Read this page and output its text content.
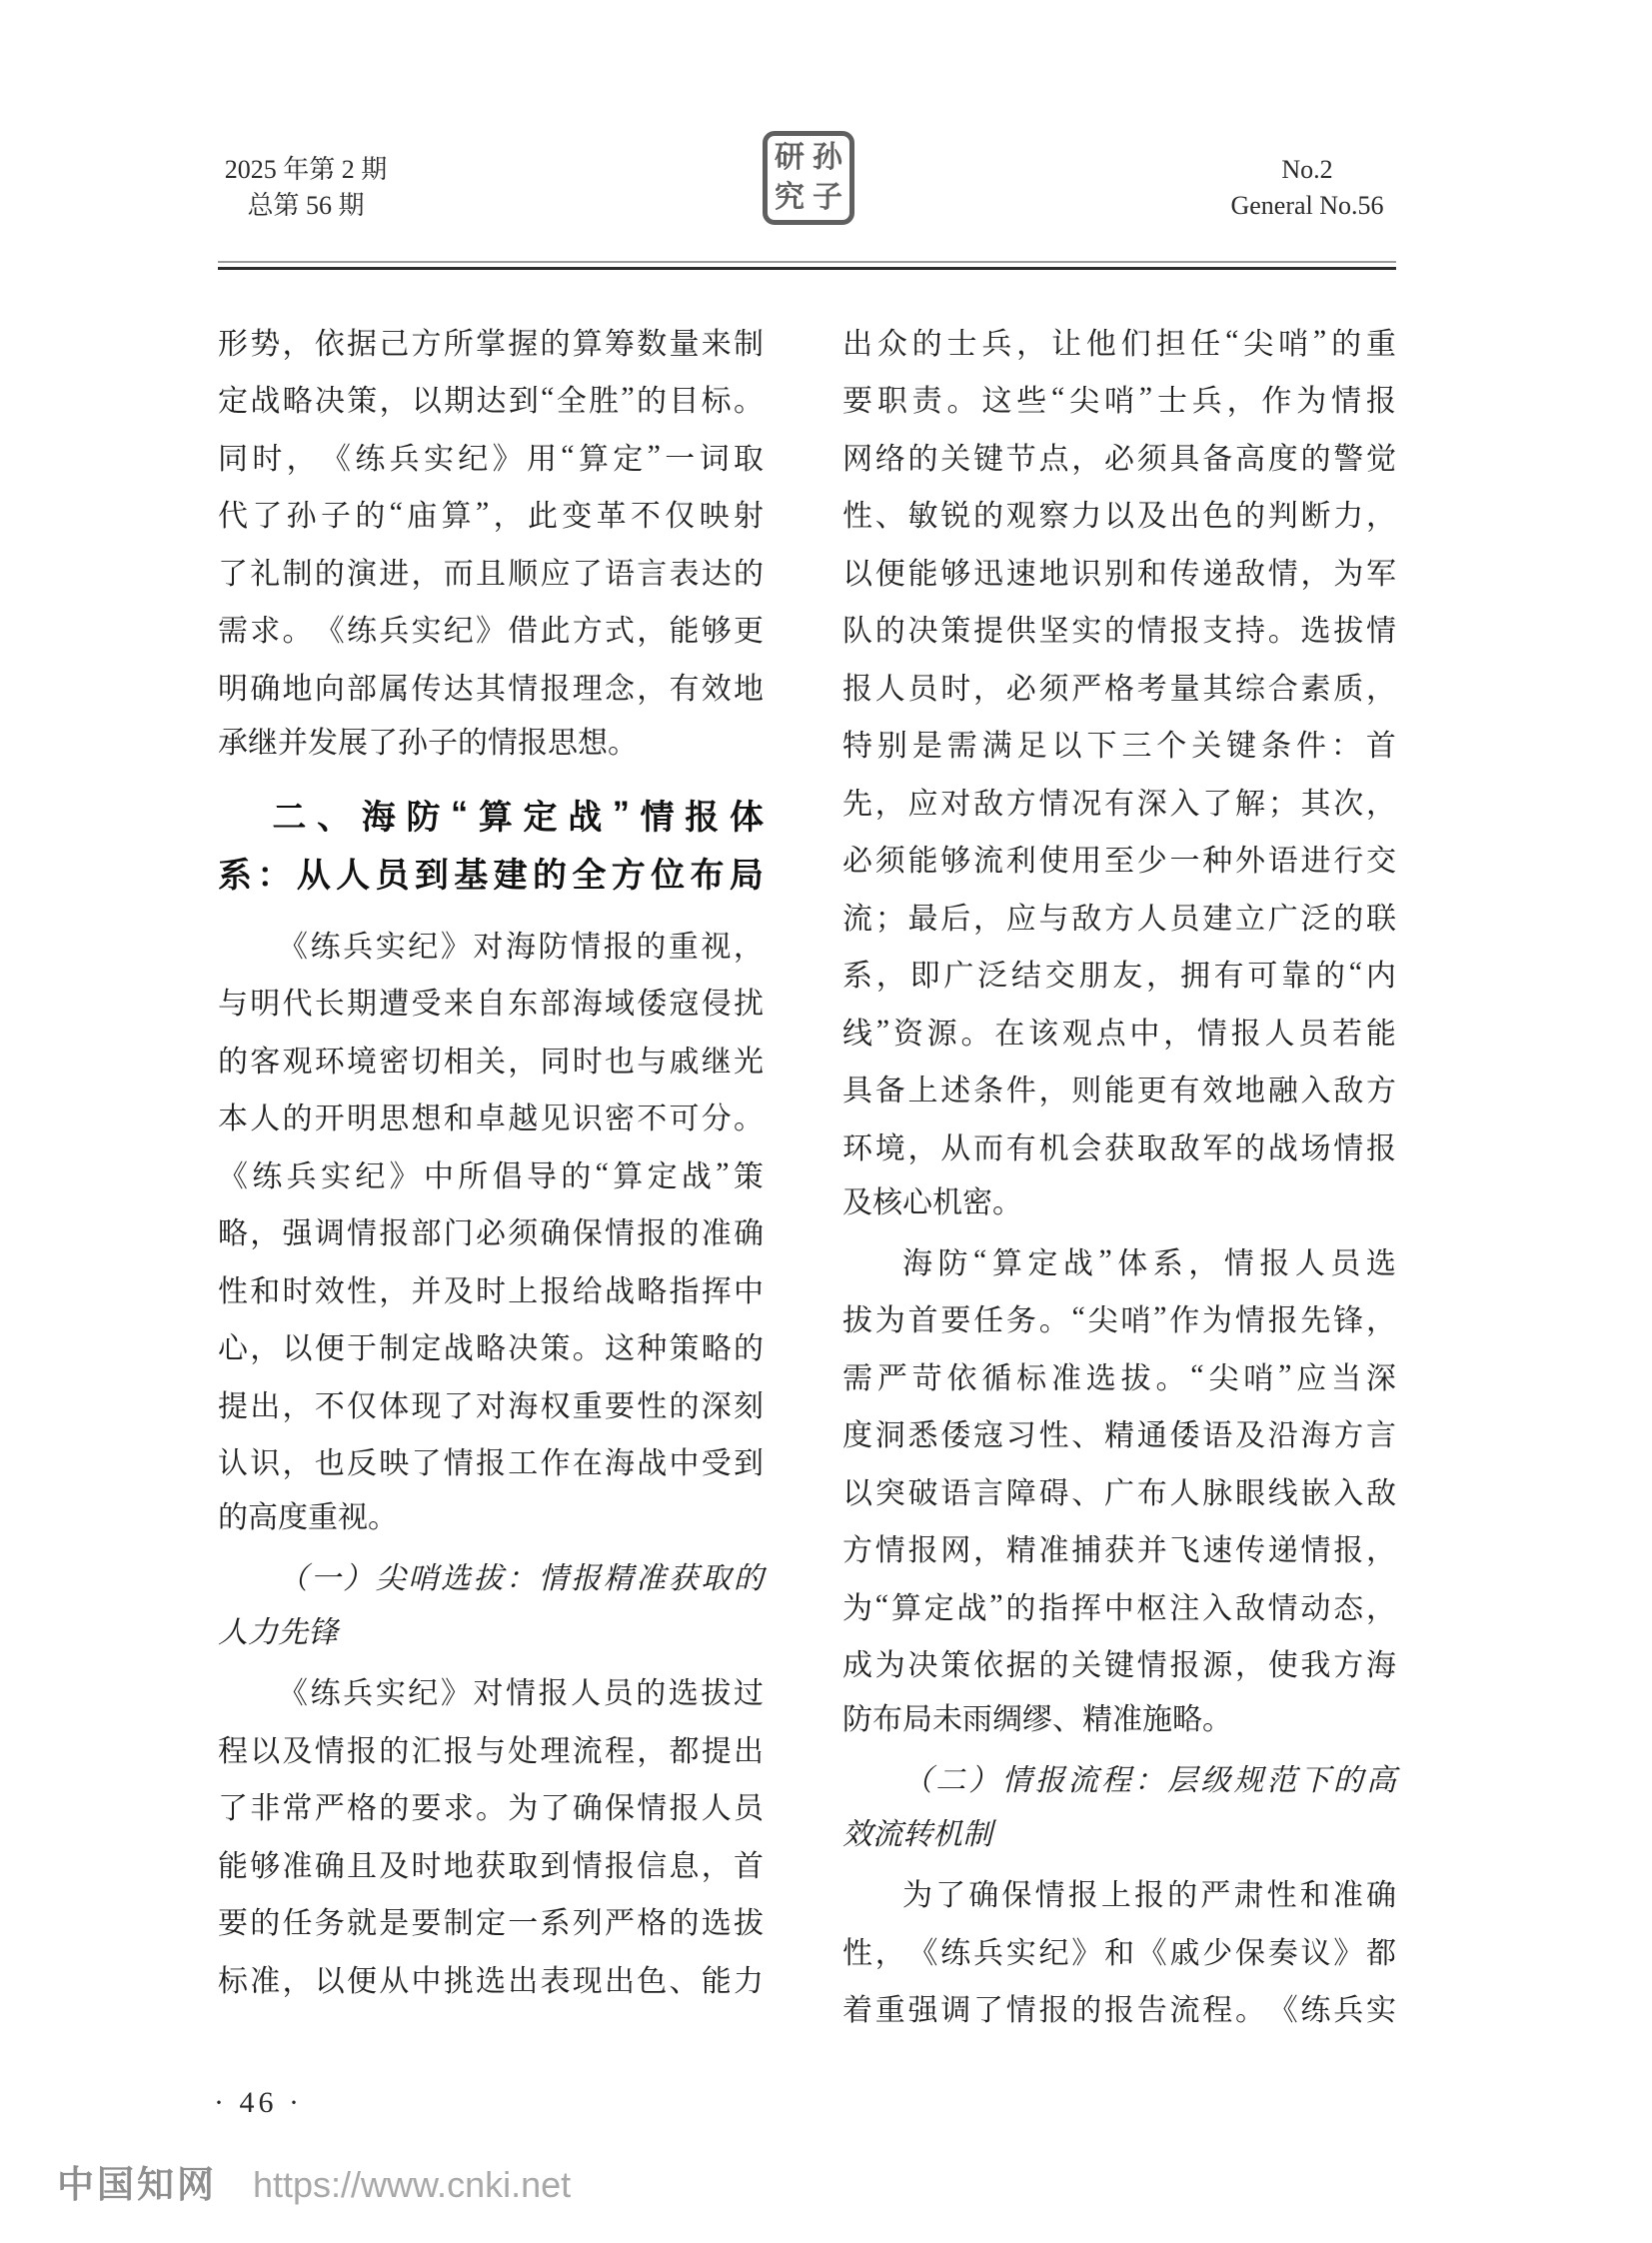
2025 年第 2 期
总第 56 期
研 孙
究 子
No.2
General No.56
形 势 ， 依 据 己 方 所 掌 握 的 算 筹 数 量 来 制
定 战 略 决 策 ， 以 期 达 到 “ 全 胜 ” 的 目 标 。
同 时 ， 《 练 兵 实 纪 》 用 “ 算 定 ” 一 词 取
代 了 孙 子 的 “ 庙 算 ” ， 此 变 革 不 仅 映 射
了 礼 制 的 演 进 ， 而 且 顺 应 了 语 言 表 达 的
需 求 。 《 练 兵 实 纪 》 借 此 方 式 ， 能 够 更
明 确 地 向 部 属 传 达 其 情 报 理 念 ， 有 效 地
承继并发展了孙子的情报思想。
二 、 海 防 “ 算 定 战 ” 情 报 体
系 ： 从 人 员 到 基 建 的 全 方 位 布 局
《 练 兵 实 纪 》 对 海 防 情 报 的 重 视 ，
与 明 代 长 期 遭 受 来 自 东 部 海 域 倭 寇 侵 扰
的 客 观 环 境 密 切 相 关 ， 同 时 也 与 戚 继 光
本 人 的 开 明 思 想 和 卓 越 见 识 密 不 可 分 。
《 练 兵 实 纪 》 中 所 倡 导 的 “ 算 定 战 ” 策
略 ， 强 调 情 报 部 门 必 须 确 保 情 报 的 准 确
性 和 时 效 性 ， 并 及 时 上 报 给 战 略 指 挥 中
心 ， 以 便 于 制 定 战 略 决 策 。 这 种 策 略 的
提 出 ， 不 仅 体 现 了 对 海 权 重 要 性 的 深 刻
认 识 ， 也 反 映 了 情 报 工 作 在 海 战 中 受 到
的高度重视。
（ 一 ） 尖 哨 选 拔 ： 情 报 精 准 获 取 的
人力先锋
《 练 兵 实 纪 》 对 情 报 人 员 的 选 拔 过
程 以 及 情 报 的 汇 报 与 处 理 流 程 ， 都 提 出
了 非 常 严 格 的 要 求 。 为 了 确 保 情 报 人 员
能 够 准 确 且 及 时 地 获 取 到 情 报 信 息 ， 首
要 的 任 务 就 是 要 制 定 一 系 列 严 格 的 选 拔
标 准 ， 以 便 从 中 挑 选 出 表 现 出 色 、 能 力
出 众 的 士 兵 ， 让 他 们 担 任 “ 尖 哨 ” 的 重
要 职 责 。 这 些 “ 尖 哨 ” 士 兵 ， 作 为 情 报
网 络 的 关 键 节 点 ， 必 须 具 备 高 度 的 警 觉
性 、 敏 锐 的 观 察 力 以 及 出 色 的 判 断 力 ，
以 便 能 够 迅 速 地 识 别 和 传 递 敌 情 ， 为 军
队 的 决 策 提 供 坚 实 的 情 报 支 持 。 选 拔 情
报 人 员 时 ， 必 须 严 格 考 量 其 综 合 素 质 ，
特 别 是 需 满 足 以 下 三 个 关 键 条 件 ： 首
先 ， 应 对 敌 方 情 况 有 深 入 了 解 ； 其 次 ，
必 须 能 够 流 利 使 用 至 少 一 种 外 语 进 行 交
流 ； 最 后 ， 应 与 敌 方 人 员 建 立 广 泛 的 联
系 ， 即 广 泛 结 交 朋 友 ， 拥 有 可 靠 的 “ 内
线 ” 资 源 。 在 该 观 点 中 ， 情 报 人 员 若 能
具 备 上 述 条 件 ， 则 能 更 有 效 地 融 入 敌 方
环 境 ， 从 而 有 机 会 获 取 敌 军 的 战 场 情 报
及核心机密。
海 防 “ 算 定 战 ” 体 系 ， 情 报 人 员 选
拔 为 首 要 任 务 。 “ 尖 哨 ” 作 为 情 报 先 锋 ，
需 严 苛 依 循 标 准 选 拔 。 “ 尖 哨 ” 应 当 深
度 洞 悉 倭 寇 习 性 、 精 通 倭 语 及 沿 海 方 言
以 突 破 语 言 障 碍 、 广 布 人 脉 眼 线 嵌 入 敌
方 情 报 网 ， 精 准 捕 获 并 飞 速 传 递 情 报 ，
为 “ 算 定 战 ” 的 指 挥 中 枢 注 入 敌 情 动 态 ，
成 为 决 策 依 据 的 关 键 情 报 源 ， 使 我 方 海
防布局未雨绸缪、精准施略。
（ 二 ） 情 报 流 程 ： 层 级 规 范 下 的 高
效流转机制
为 了 确 保 情 报 上 报 的 严 肃 性 和 准 确
性 ， 《 练 兵 实 纪 》 和 《 戚 少 保 奏 议 》 都
着 重 强 调 了 情 报 的 报 告 流 程 。 《 练 兵 实
· 46 ·
中国知网 https://www.cnki.net
